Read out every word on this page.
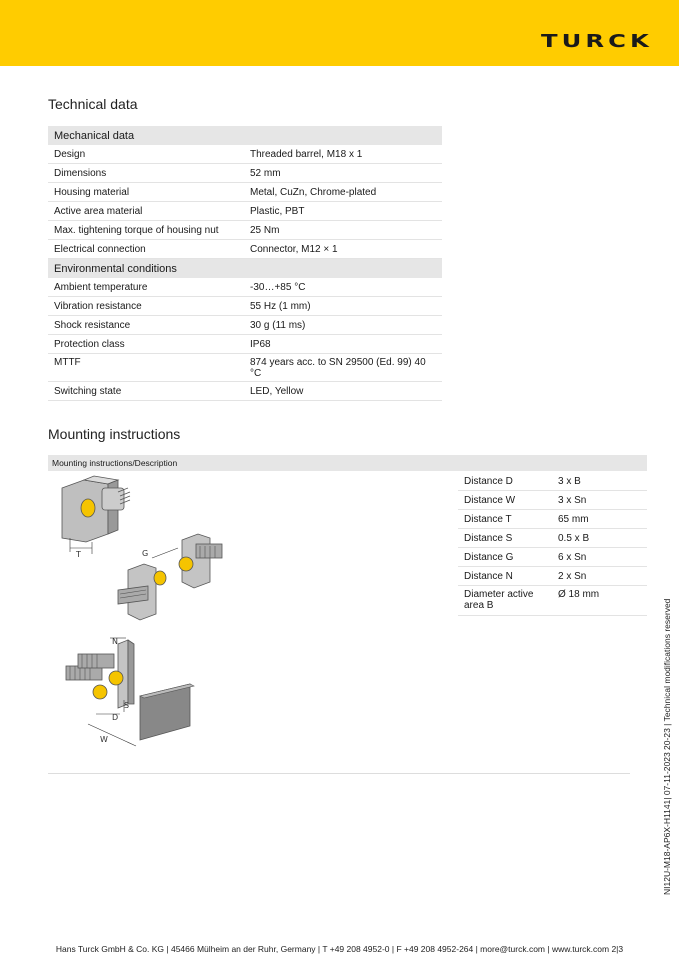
TURCK
Technical data
Mechanical data	
Design	Threaded barrel, M18 x 1
Dimensions	52 mm
Housing material	Metal, CuZn, Chrome-plated
Active area material	Plastic, PBT
Max. tightening torque of housing nut	25 Nm
Electrical connection	Connector, M12 × 1
Environmental conditions	
Ambient temperature	-30…+85 °C
Vibration resistance	55 Hz (1 mm)
Shock resistance	30 g (11 ms)
Protection class	IP68
MTTF	874 years acc. to SN 29500 (Ed. 99) 40 °C
Switching state	LED, Yellow
Mounting instructions
Mounting instructions/Description
T	G
N
S
D
W
Distance D	3 x B
Distance W	3 x Sn
Distance T	65 mm
Distance S	0.5 x B
Distance G	6 x Sn
Distance N	2 x Sn
Diameter active area B	Ø 18 mm
NI12U-M18-AP6X-H1141| 07-11-2023 20-23 | Technical modifications reserved
Hans Turck GmbH & Co. KG | 45466 Mülheim an der Ruhr, Germany | T +49 208 4952-0 | F +49 208 4952-264 | more@turck.com | www.turck.com 2|3
